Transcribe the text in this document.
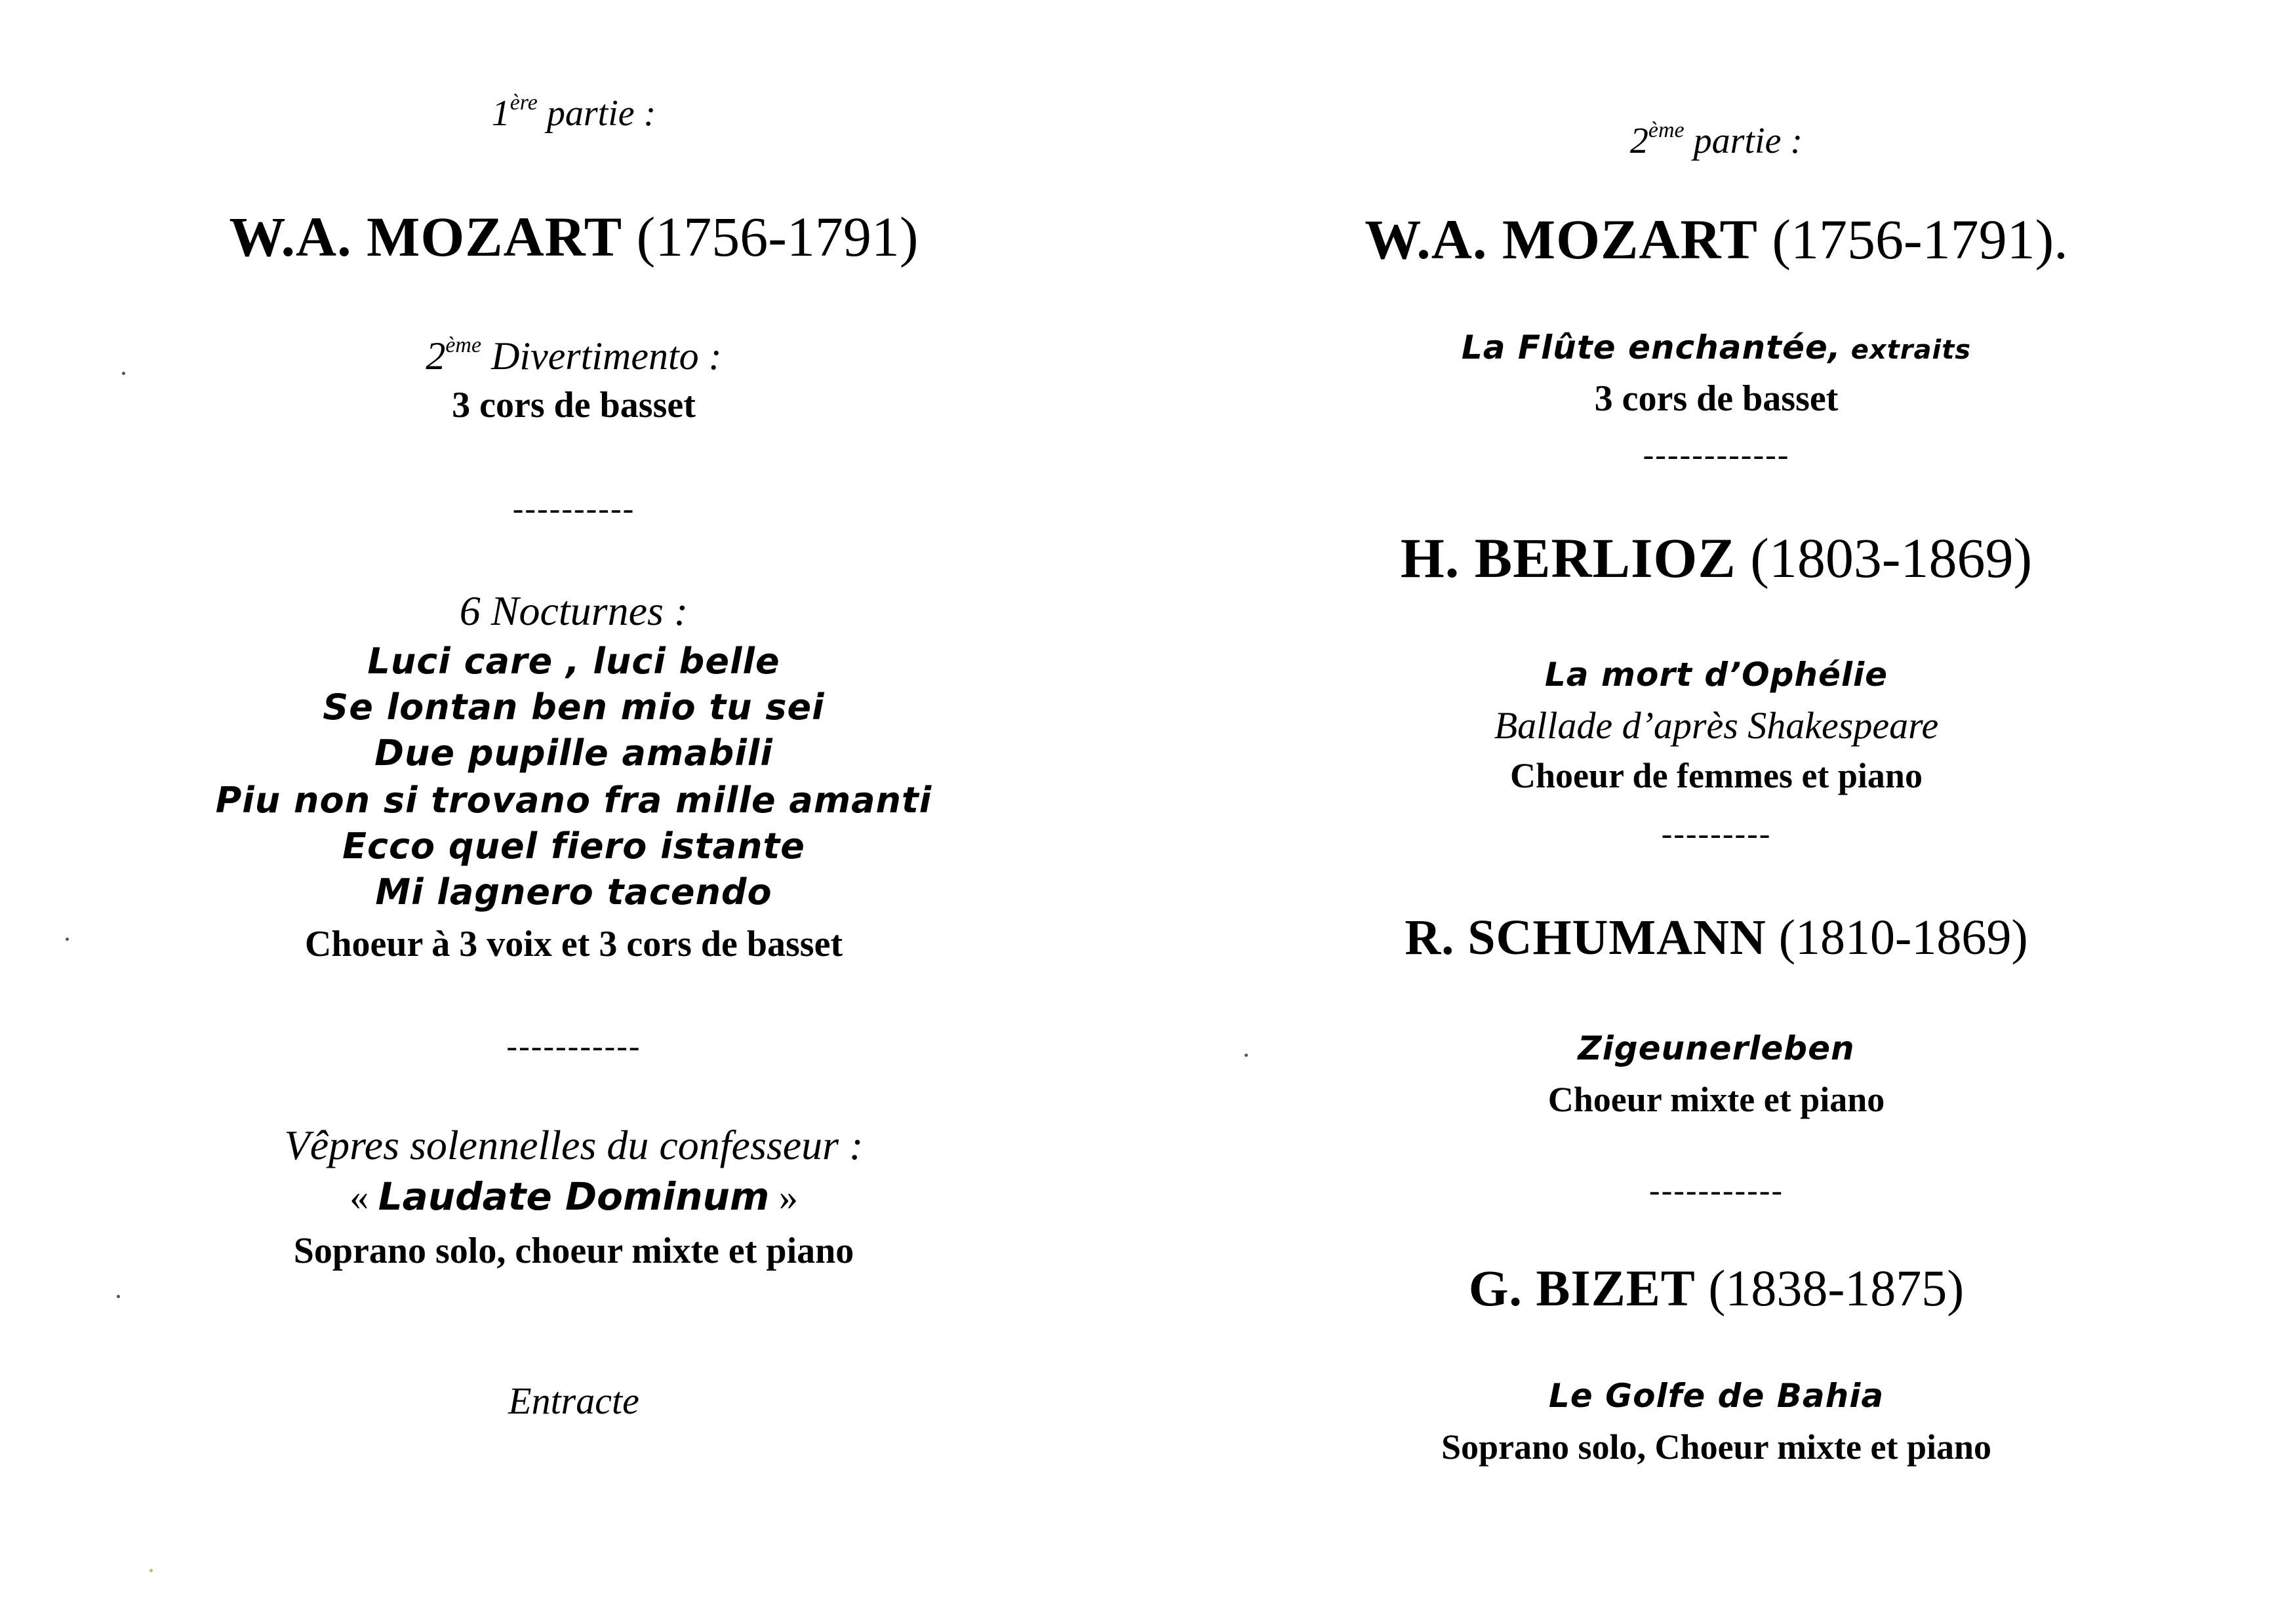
1ère partie :
W.A. MOZART (1756-1791)
2ème Divertimento :
3 cors de basset
----------
6 Nocturnes :
Luci care , luci belle
Se lontan ben mio tu sei
Due pupille amabili
Piu non si trovano fra mille amanti
Ecco quel fiero istante
Mi lagnero tacendo
Choeur à 3 voix et 3 cors de basset
-----------
Vêpres solennelles du confesseur :
« Laudate Dominum »
Soprano solo, choeur mixte et piano
Entracte
2ème partie :
W.A. MOZART (1756-1791).
La Flûte enchantée, extraits
3 cors de basset
------------
H. BERLIOZ (1803-1869)
La mort d’Ophélie
Ballade d’après Shakespeare
Choeur de femmes et piano
---------
R. SCHUMANN (1810-1869)
Zigeunerleben
Choeur mixte et piano
-----------
G. BIZET (1838-1875)
Le Golfe de Bahia
Soprano solo, Choeur mixte et piano
